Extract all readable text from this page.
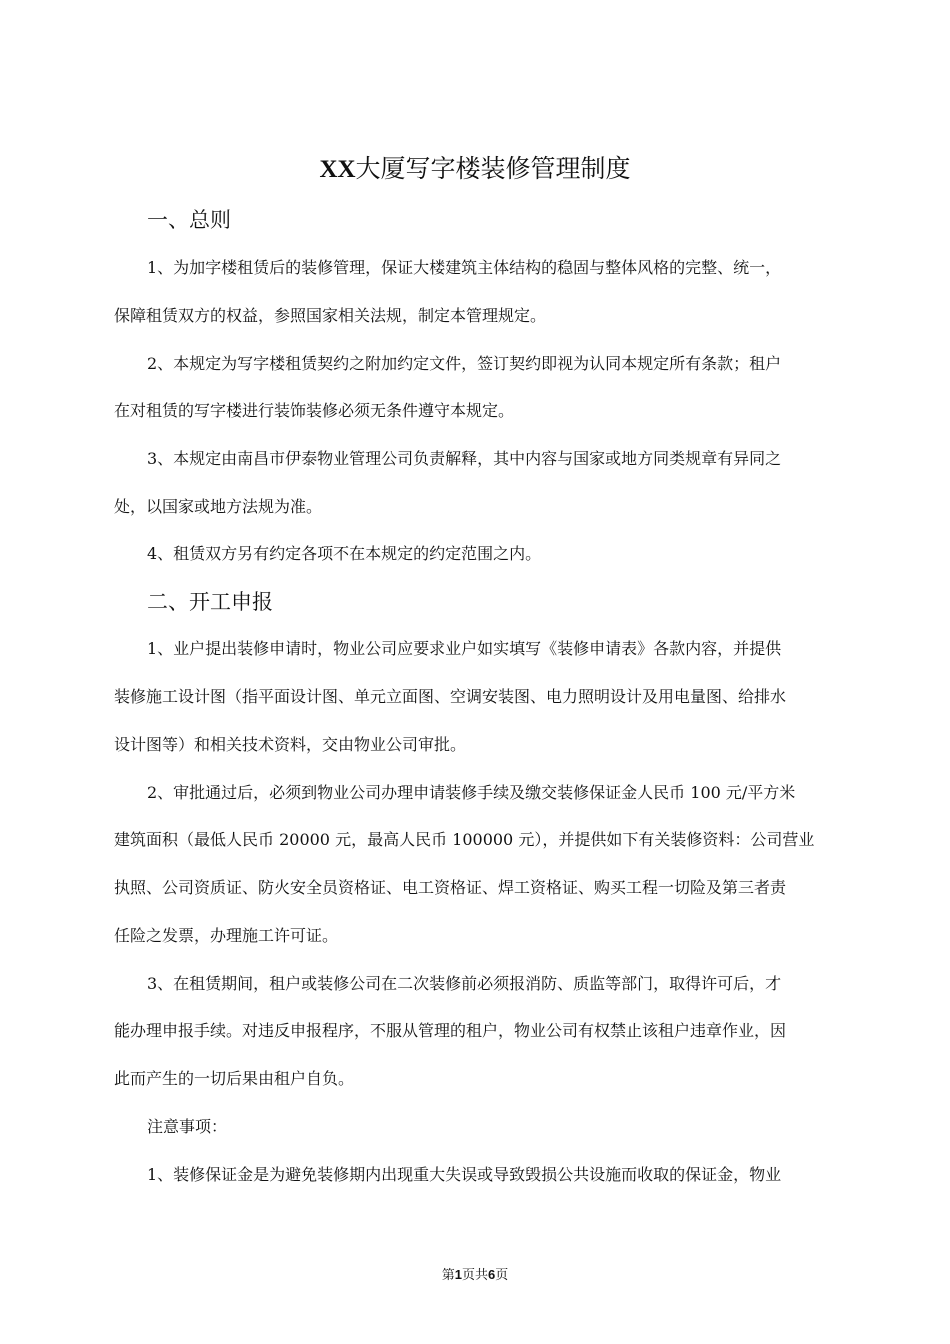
XX大厦写字楼装修管理制度
一、总则
1、为加字楼租赁后的装修管理，保证大楼建筑主体结构的稳固与整体风格的完整、统一，
保障租赁双方的权益，参照国家相关法规，制定本管理规定。
2、本规定为写字楼租赁契约之附加约定文件，签订契约即视为认同本规定所有条款；租户
在对租赁的写字楼进行装饰装修必须无条件遵守本规定。
3、本规定由南昌市伊泰物业管理公司负责解释，其中内容与国家或地方同类规章有异同之
处，以国家或地方法规为准。
4、租赁双方另有约定各项不在本规定的约定范围之内。
二、开工申报
1、业户提出装修申请时，物业公司应要求业户如实填写《装修申请表》各款内容，并提供
装修施工设计图（指平面设计图、单元立面图、空调安装图、电力照明设计及用电量图、给排水
设计图等）和相关技术资料，交由物业公司审批。
2、审批通过后，必须到物业公司办理申请装修手续及缴交装修保证金人民币 100 元/平方米
建筑面积（最低人民币 20000 元，最高人民币 100000 元），并提供如下有关装修资料：公司营业
执照、公司资质证、防火安全员资格证、电工资格证、焊工资格证、购买工程一切险及第三者责
任险之发票，办理施工许可证。
3、在租赁期间，租户或装修公司在二次装修前必须报消防、质监等部门，取得许可后，才
能办理申报手续。对违反申报程序，不服从管理的租户，物业公司有权禁止该租户违章作业，因
此而产生的一切后果由租户自负。
注意事项：
1、装修保证金是为避免装修期内出现重大失误或导致毁损公共设施而收取的保证金，物业
第1页共6页
